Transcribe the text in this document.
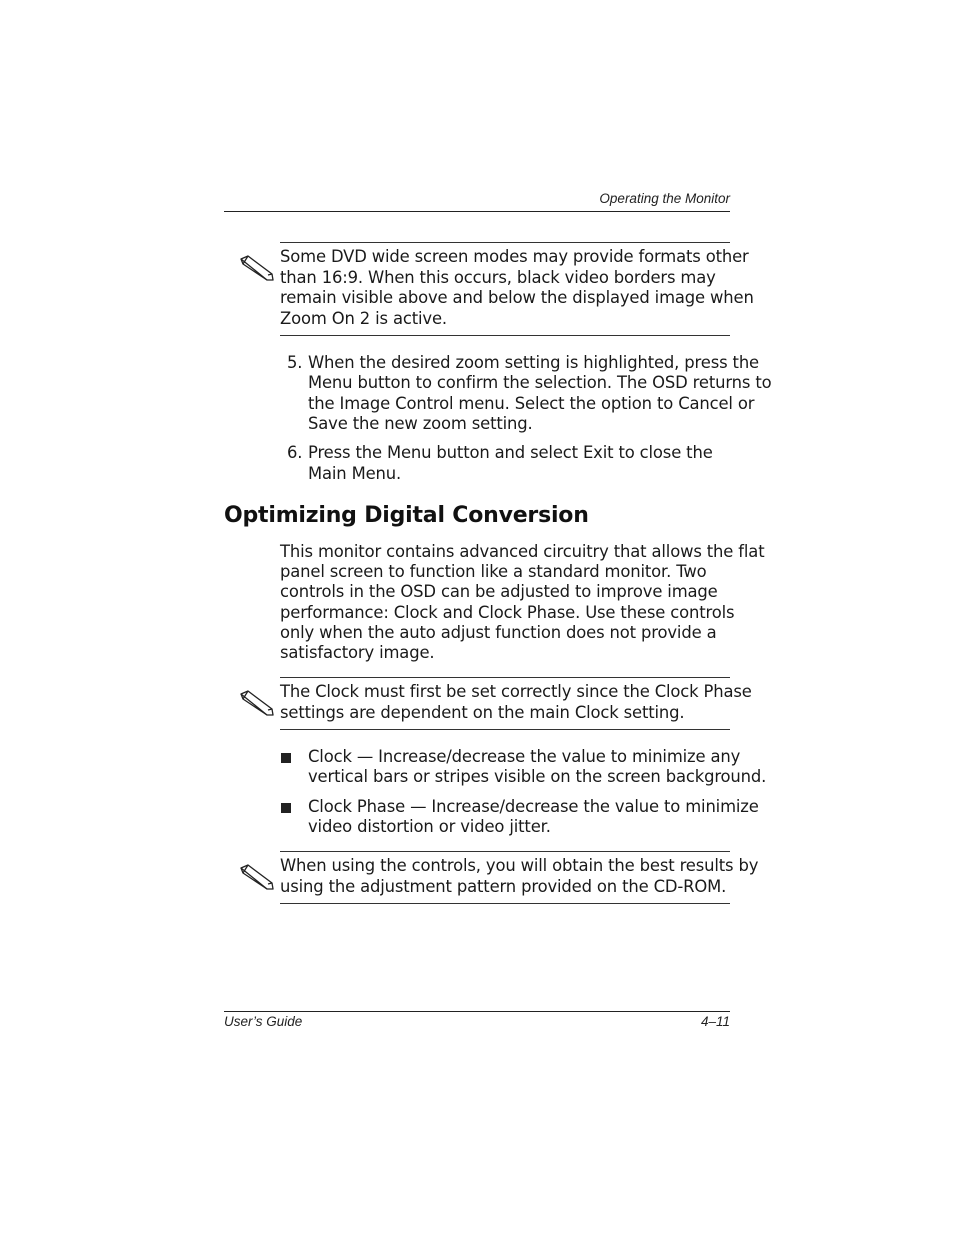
Operating the Monitor
Some DVD wide screen modes may provide formats other
than 16:9. When this occurs, black video borders may
remain visible above and below the displayed image when
Zoom On 2 is active.
5. When the desired zoom setting is highlighted, press the
Menu button to confirm the selection. The OSD returns to
the Image Control menu. Select the option to Cancel or
Save the new zoom setting.
6. Press the Menu button and select Exit to close the
Main Menu.
Optimizing Digital Conversion
This monitor contains advanced circuitry that allows the flat
panel screen to function like a standard monitor. Two
controls in the OSD can be adjusted to improve image
performance: Clock and Clock Phase. Use these controls
only when the auto adjust function does not provide a
satisfactory image.
The Clock must first be set correctly since the Clock Phase
settings are dependent on the main Clock setting.
Clock — Increase/decrease the value to minimize any
vertical bars or stripes visible on the screen background.
Clock Phase — Increase/decrease the value to minimize
video distortion or video jitter.
When using the controls, you will obtain the best results by
using the adjustment pattern provided on the CD-ROM.
User’s Guide	4–11
